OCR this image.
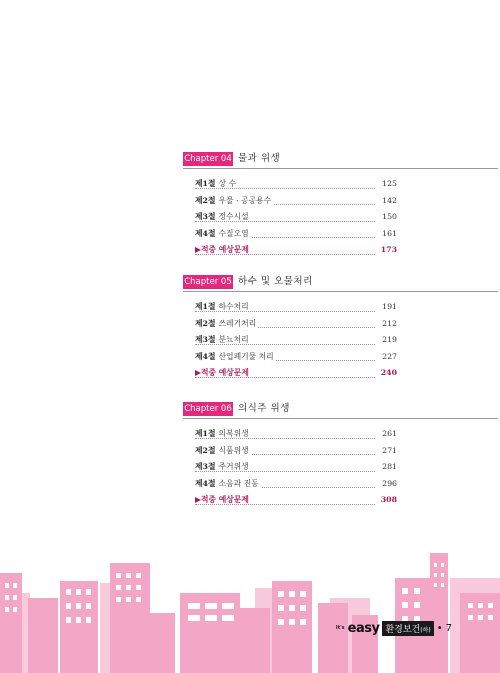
Chapter 04 물과 위생
제1절 상 수	125
제2절 우물 · 공공용수	142
제3절 정수시설	150
제4절 수질오염	161
▶적중 예상문제	173
Chapter 05 하수 및 오물처리
제1절 하수처리	191
제2절 쓰레기처리	212
제3절 분뇨처리	219
제4절 산업폐기물 처리	227
▶적중 예상문제	240
Chapter 06 의식주 위생
제1절 의복위생	261
제2절 식품위생	271
제3절 주거위생	281
제4절 소음과 진동	296
▶적중 예상문제	308
It's easy 환경보건(하) • 7
